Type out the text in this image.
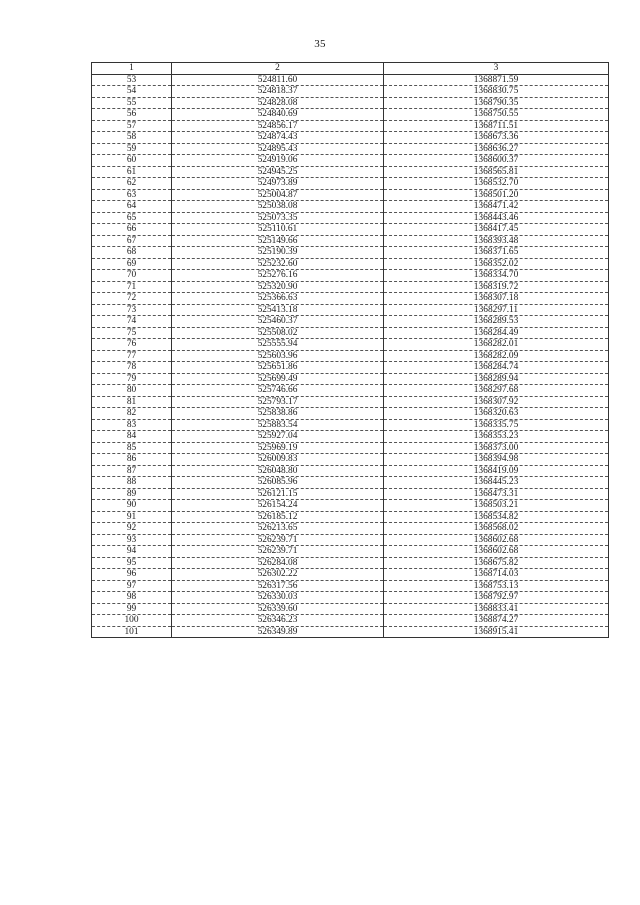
35
1	2	3
53	524811.60	1368871.59
54	524818.37	1368830.75
55	524828.08	1368790.35
56	524840.69	1368750.55
57	524856.17	1368711.51
58	524874.43	1368673.36
59	524895.43	1368636.27
60	524919.06	1368600.37
61	524945.25	1368565.81
62	524973.89	1368532.70
63	525004.87	1368501.20
64	525038.08	1368471.42
65	525073.35	1368443.46
66	525110.61	1368417.45
67	525149.66	1368393.48
68	525190.39	1368371.65
69	525232.60	1368352.02
70	525276.16	1368334.70
71	525320.90	1368319.72
72	525366.63	1368307.18
73	525413.18	1368297.11
74	525460.37	1368289.53
75	525508.02	1368284.49
76	525555.94	1368282.01
77	525603.96	1368282.09
78	525651.86	1368284.74
79	525699.49	1368289.94
80	525746.66	1368297.68
81	525793.17	1368307.92
82	525838.86	1368320.63
83	525883.54	1368335.75
84	525927.04	1368353.23
85	525969.19	1368373.00
86	526009.83	1368394.98
87	526048.80	1368419.09
88	526085.96	1368445.23
89	526121.15	1368473.31
90	526154.24	1368503.21
91	526185.12	1368534.82
92	526213.65	1368568.02
93	526239.71	1368602.68
94	526239.71	1368602.68
95	526284.08	1368675.82
96	526302.22	1368714.03
97	526317.56	1368753.13
98	526330.03	1368792.97
99	526339.60	1368833.41
100	526346.23	1368874.27
101	526349.89	1368915.41
